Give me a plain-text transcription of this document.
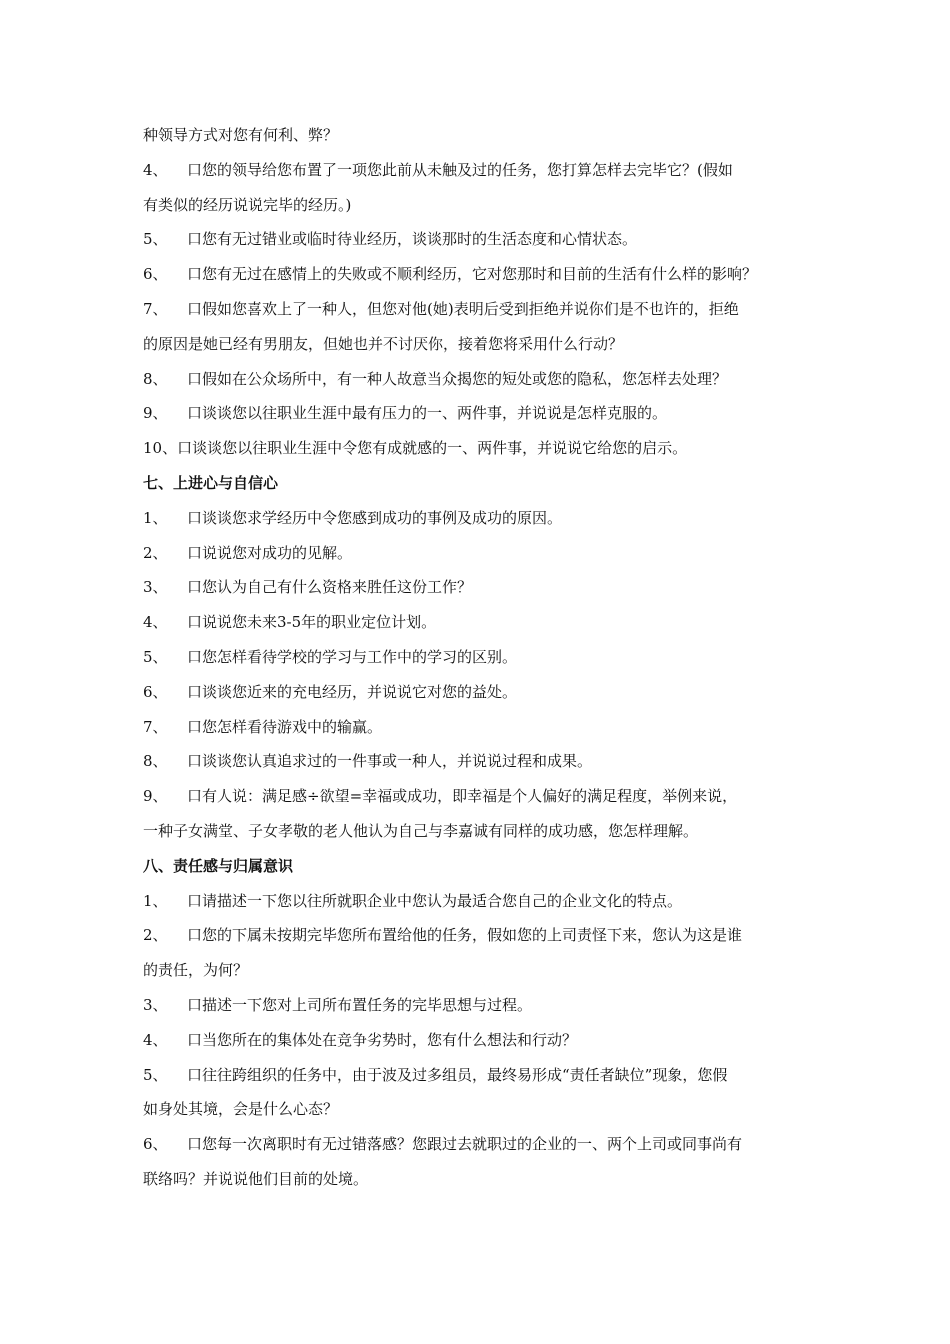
种领导方式对您有何利、弊？
4、 口您的领导给您布置了一项您此前从未触及过的任务，您打算怎样去完毕它？(假如
有类似的经历说说完毕的经历。)
5、 口您有无过错业或临时待业经历，谈谈那时的生活态度和心情状态。
6、 口您有无过在感情上的失败或不顺利经历，它对您那时和目前的生活有什么样的影响？
7、 口假如您喜欢上了一种人，但您对他(她)表明后受到拒绝并说你们是不也许的，拒绝
的原因是她已经有男朋友，但她也并不讨厌你，接着您将采用什么行动？
8、 口假如在公众场所中，有一种人故意当众揭您的短处或您的隐私，您怎样去处理？
9、 口谈谈您以往职业生涯中最有压力的一、两件事，并说说是怎样克服的。
10、口谈谈您以往职业生涯中令您有成就感的一、两件事，并说说它给您的启示。
七、上进心与自信心
1、 口谈谈您求学经历中令您感到成功的事例及成功的原因。
2、 口说说您对成功的见解。
3、 口您认为自己有什么资格来胜任这份工作？
4、 口说说您未来3-5年的职业定位计划。
5、 口您怎样看待学校的学习与工作中的学习的区别。
6、 口谈谈您近来的充电经历，并说说它对您的益处。
7、 口您怎样看待游戏中的输赢。
8、 口谈谈您认真追求过的一件事或一种人，并说说过程和成果。
9、 口有人说：满足感÷欲望=幸福或成功，即幸福是个人偏好的满足程度，举例来说，
一种子女满堂、子女孝敬的老人他认为自己与李嘉诚有同样的成功感，您怎样理解。
八、责任感与归属意识
1、 口请描述一下您以往所就职企业中您认为最适合您自己的企业文化的特点。
2、 口您的下属未按期完毕您所布置给他的任务，假如您的上司责怪下来，您认为这是谁
的责任，为何？
3、 口描述一下您对上司所布置任务的完毕思想与过程。
4、 口当您所在的集体处在竞争劣势时，您有什么想法和行动？
5、 口往往跨组织的任务中，由于波及过多组员，最终易形成“责任者缺位”现象，您假
如身处其境，会是什么心态？
6、 口您每一次离职时有无过错落感？您跟过去就职过的企业的一、两个上司或同事尚有
联络吗？并说说他们目前的处境。
